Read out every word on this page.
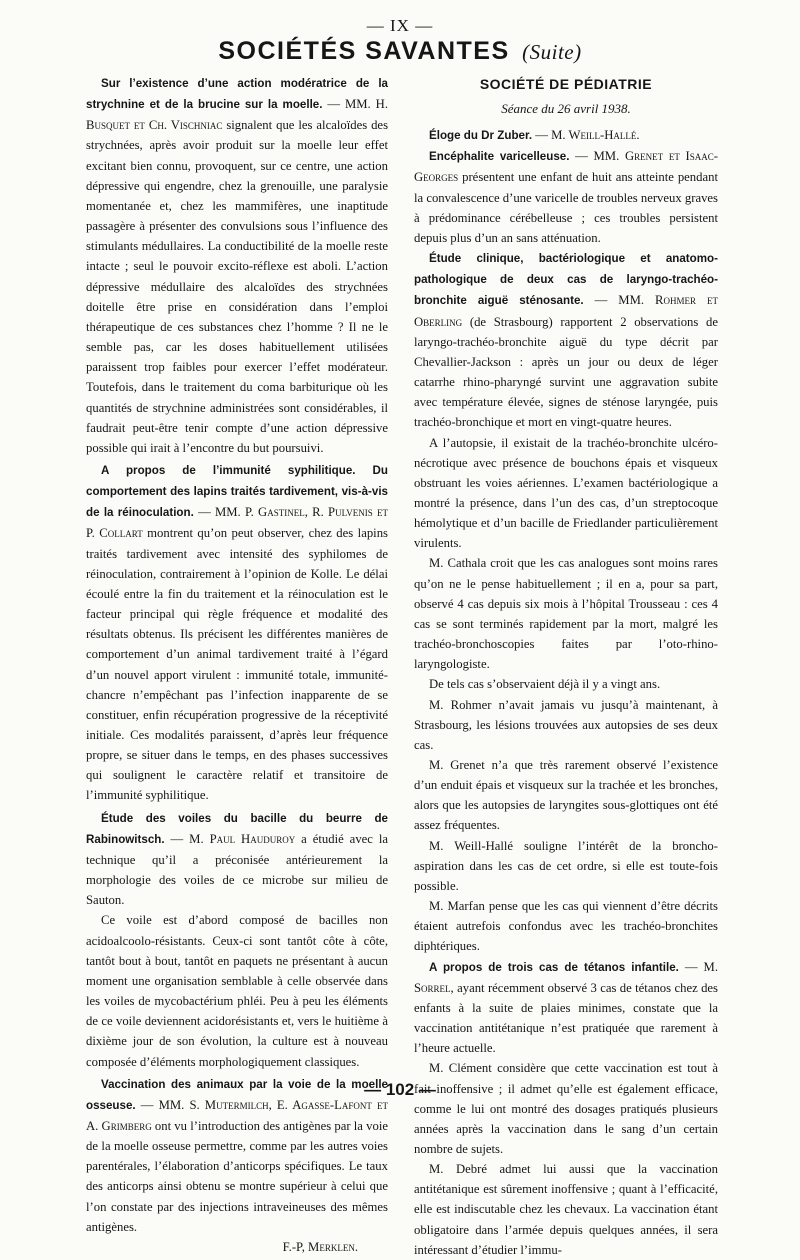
— IX —
SOCIÉTÉS SAVANTES (Suite)

Sur l’existence d’une action modératrice de la strychnine et de la brucine sur la moelle. — MM. H. Busquet et Ch. Vischniac signalent que les alcaloïdes des strychnées, après avoir produit sur la moelle leur effet excitant bien connu, provoquent, sur ce centre, une action dépressive qui engendre, chez la grenouille, une paralysie momentanée et, chez les mammifères, une inaptitude passagère à présenter des convulsions sous l’influence des stimulants médullaires. La conductibilité de la moelle reste intacte ; seul le pouvoir excito-réflexe est aboli. L’action dépressive médullaire des alcaloïdes des strychnées doitelle être prise en considération dans l’emploi thérapeutique de ces substances chez l’homme ? Il ne le semble pas, car les doses habituellement utilisées paraissent trop faibles pour exercer l’effet modérateur. Toutefois, dans le traitement du coma barbiturique où les quantités de strychnine administrées sont considérables, il faudrait peut-être tenir compte d’une action dépressive possible qui irait à l’encontre du but poursuivi.

A propos de l’immunité syphilitique. Du comportement des lapins traités tardivement, vis-à-vis de la réinoculation. — MM. P. Gastinel, R. Pulvenis et P. Collart montrent qu’on peut observer, chez des lapins traités tardivement avec intensité des syphilomes de réinoculation, contrairement à l’opinion de Kolle. Le délai écoulé entre la fin du traitement et la réinoculation est le facteur principal qui règle fréquence et modalité des résultats obtenus. Ils précisent les différentes manières de comportement d’un animal tardivement traité à l’égard d’un nouvel apport virulent : immunité totale, immunité-chancre n’empêchant pas l’infection inapparente de se constituer, enfin récupération progressive de la réceptivité initiale. Ces modalités paraissent, d’après leur fréquence propre, se situer dans le temps, en des phases successives qui soulignent le caractère relatif et transitoire de l’immunité syphilitique.

Étude des voiles du bacille du beurre de Rabinowitsch. — M. Paul Hauduroy a étudié avec la technique qu’il a préconisée antérieurement la morphologie des voiles de ce microbe sur milieu de Sauton.

Ce voile est d’abord composé de bacilles non acidoalcoolo-résistants. Ceux-ci sont tantôt côte à côte, tantôt bout à bout, tantôt en paquets ne présentant à aucun moment une organisation semblable à celle observée dans les voiles de mycobactérium phléi. Peu à peu les éléments de ce voile deviennent acidorésistants et, vers le huitième à dixième jour de son évolution, la culture est à nouveau composée d’éléments morphologiquement classiques.

Vaccination des animaux par la voie de la moelle osseuse. — MM. S. Mutermilch, E. Agasse-Lafont et A. Grimberg ont vu l’introduction des antigènes par la voie de la moelle osseuse permettre, comme par les autres voies parentérales, l’élaboration d’anticorps spécifiques. Le taux des anticorps ainsi obtenu se montre supérieur à celui que l’on constate par des injections intraveineuses des mêmes antigènes.

F.-P, Merklen.

SOCIÉTÉ DE PÉDIATRIE
Séance du 26 avril 1938.

Éloge du Dr Zuber. — M. Weill-Hallé.

Encéphalite varicelleuse. — MM. Grenet et Isaac-Georges présentent une enfant de huit ans atteinte pendant la convalescence d’une varicelle de troubles nerveux graves à prédominance cérébelleuse ; ces troubles persistent depuis plus d’un an sans atténuation.

Étude clinique, bactériologique et anatomo-pathologique de deux cas de laryngo-trachéo-bronchite aiguë sténosante. — MM. Rohmer et Oberling (de Strasbourg) rapportent 2 observations de laryngo-trachéo-bronchite aiguë du type décrit par Chevallier-Jackson : après un jour ou deux de léger catarrhe rhino-pharyngé survint une aggravation subite avec température élevée, signes de sténose laryngée, puis trachéo-bronchique et mort en vingt-quatre heures.

A l’autopsie, il existait de la trachéo-bronchite ulcéro-nécrotique avec présence de bouchons épais et visqueux obstruant les voies aériennes. L’examen bactériologique a montré la présence, dans l’un des cas, d’un streptocoque hémolytique et d’un bacille de Friedlander particulièrement virulents.

M. Cathala croit que les cas analogues sont moins rares qu’on ne le pense habituellement ; il en a, pour sa part, observé 4 cas depuis six mois à l’hôpital Trousseau : ces 4 cas se sont terminés rapidement par la mort, malgré les trachéo-bronchoscopies faites par l’oto-rhino-laryngologiste.

De tels cas s’observaient déjà il y a vingt ans.

M. Rohmer n’avait jamais vu jusqu’à maintenant, à Strasbourg, les lésions trouvées aux autopsies de ses deux cas.

M. Grenet n’a que très rarement observé l’existence d’un enduit épais et visqueux sur la trachée et les bronches, alors que les autopsies de laryngites sous-glottiques ont été assez fréquentes.

M. Weill-Hallé souligne l’intérêt de la broncho-aspiration dans les cas de cet ordre, si elle est toute-fois possible.

M. Marfan pense que les cas qui viennent d’être décrits étaient autrefois confondus avec les trachéo-bronchites diphtériques.

A propos de trois cas de tétanos infantile. — M. Sorrel, ayant récemment observé 3 cas de tétanos chez des enfants à la suite de plaies minimes, constate que la vaccination antitétanique n’est pratiquée que rarement à l’heure actuelle.

M. Clément considère que cette vaccination est tout à fait inoffensive ; il admet qu’elle est également efficace, comme le lui ont montré des dosages pratiqués plusieurs années après la vaccination dans le sang d’un certain nombre de sujets.

M. Debré admet lui aussi que la vaccination antitétanique est sûrement inoffensive ; quant à l’efficacité, elle est indiscutable chez les chevaux. La vaccination étant obligatoire dans l’armée depuis quelques années, il sera intéressant d’étudier l’immu-

— 102 —
